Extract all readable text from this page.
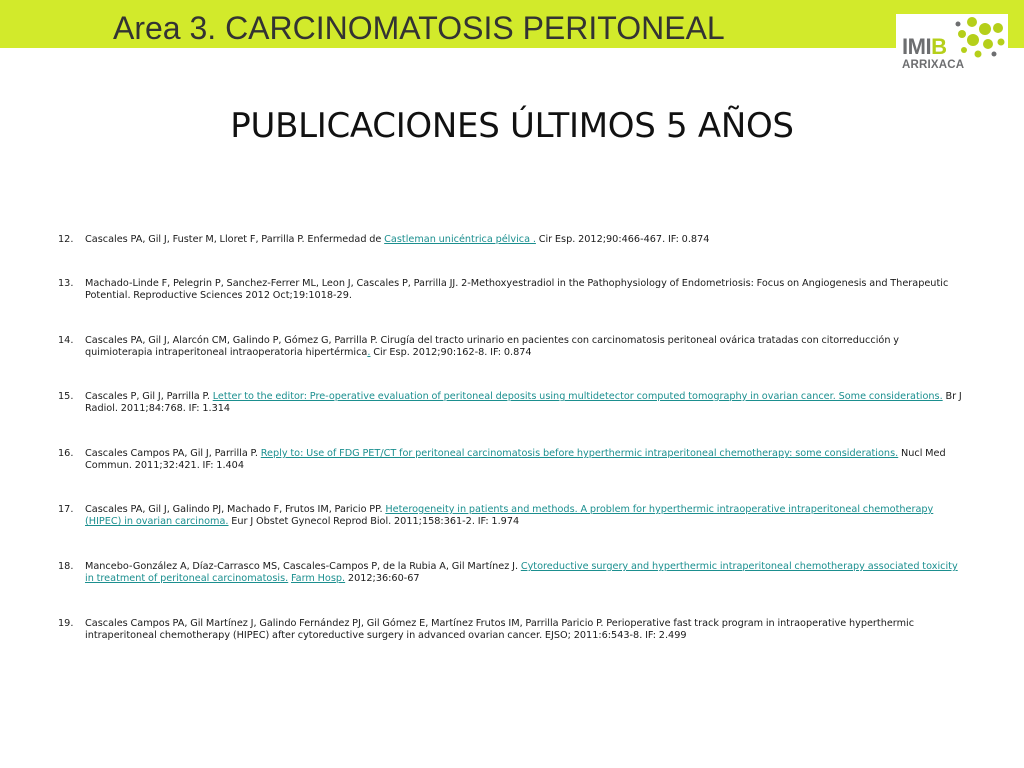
Area 3. CARCINOMATOSIS PERITONEAL
IMIB
ARRIXACA
PUBLICACIONES ÚLTIMOS 5 AÑOS
12.	Cascales PA, Gil J, Fuster M, Lloret F, Parrilla P. Enfermedad de Castleman unicéntrica pélvica . Cir Esp. 2012;90:466-467. IF: 0.874
13.	Machado-Linde F, Pelegrin P, Sanchez-Ferrer ML, Leon J, Cascales P, Parrilla JJ. 2-Methoxyestradiol in the Pathophysiology of Endometriosis: Focus on Angiogenesis and Therapeutic Potential. Reproductive Sciences 2012 Oct;19:1018-29.
14.	Cascales PA, Gil J, Alarcón CM, Galindo P, Gómez G, Parrilla P. Cirugía del tracto urinario en pacientes con carcinomatosis peritoneal ovárica tratadas con citorreducción y quimioterapia intraperitoneal intraoperatoria hipertérmica. Cir Esp. 2012;90:162-8. IF: 0.874
15.	Cascales P, Gil J, Parrilla P. Letter to the editor: Pre-operative evaluation of peritoneal deposits using multidetector computed tomography in ovarian cancer. Some considerations. Br J Radiol. 2011;84:768. IF: 1.314
16.	Cascales Campos PA, Gil J, Parrilla P. Reply to: Use of FDG PET/CT for peritoneal carcinomatosis before hyperthermic intraperitoneal chemotherapy: some considerations. Nucl Med Commun. 2011;32:421. IF: 1.404
17.	Cascales PA, Gil J, Galindo PJ, Machado F, Frutos IM, Paricio PP. Heterogeneity in patients and methods. A problem for hyperthermic intraoperative intraperitoneal chemotherapy (HIPEC) in ovarian carcinoma. Eur J Obstet Gynecol Reprod Biol. 2011;158:361-2. IF: 1.974
18.	Mancebo-González A, Díaz-Carrasco MS, Cascales-Campos P, de la Rubia A, Gil Martínez J. Cytoreductive surgery and hyperthermic intraperitoneal chemotherapy associated toxicity in treatment of peritoneal carcinomatosis. Farm Hosp. 2012;36:60-67
19.	Cascales Campos PA, Gil Martínez J, Galindo Fernández PJ, Gil Gómez E, Martínez Frutos IM, Parrilla Paricio P. Perioperative fast track program in intraoperative hyperthermic intraperitoneal chemotherapy (HIPEC) after cytoreductive surgery in advanced ovarian cancer. EJSO; 2011:6:543-8. IF: 2.499
